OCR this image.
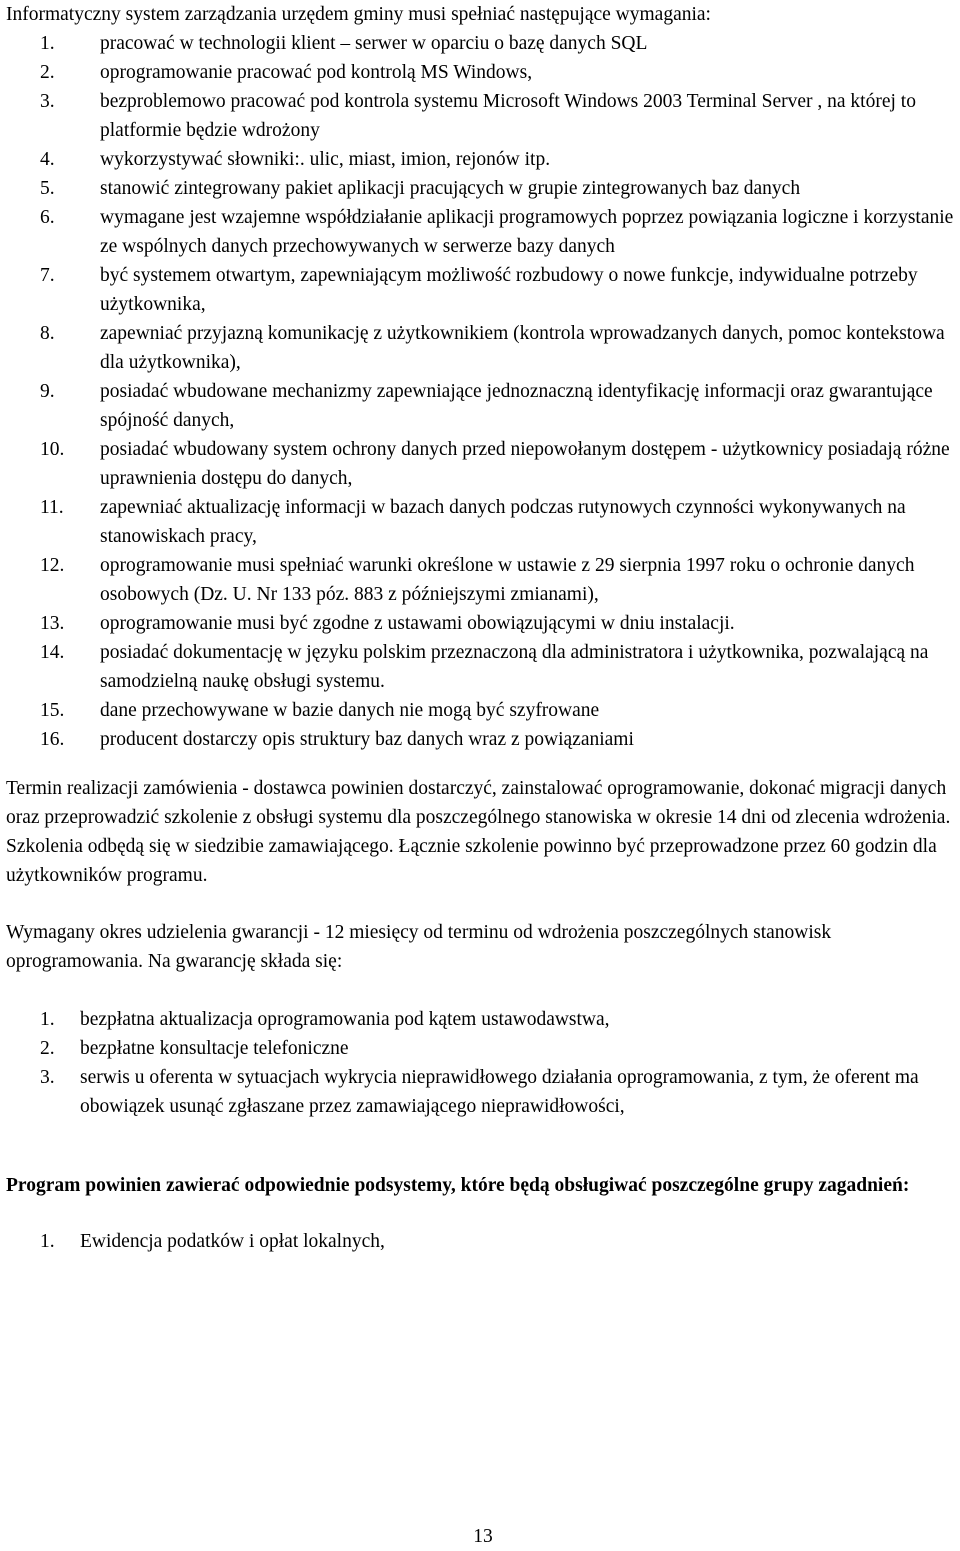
Informatyczny system zarządzania urzędem gminy musi spełniać następujące wymagania:

1. pracować w technologii klient – serwer w oparciu o bazę danych SQL
2. oprogramowanie pracować pod kontrolą MS Windows,
3. bezproblemowo pracować pod kontrola systemu Microsoft Windows 2003 Terminal Server , na której to platformie będzie wdrożony
4. wykorzystywać słowniki:. ulic, miast, imion, rejonów itp.
5. stanowić zintegrowany pakiet aplikacji pracujących w grupie zintegrowanych baz danych
6. wymagane jest wzajemne współdziałanie aplikacji programowych poprzez powiązania logiczne i korzystanie ze wspólnych danych przechowywanych w serwerze bazy danych
7. być systemem otwartym, zapewniającym możliwość rozbudowy o nowe funkcje, indywidualne potrzeby użytkownika,
8. zapewniać przyjazną komunikację z użytkownikiem (kontrola wprowadzanych danych, pomoc kontekstowa dla użytkownika),
9. posiadać wbudowane mechanizmy zapewniające jednoznaczną identyfikację informacji oraz gwarantujące spójność danych,
10. posiadać wbudowany system ochrony danych przed niepowołanym dostępem - użytkownicy posiadają różne uprawnienia dostępu do danych,
11. zapewniać aktualizację informacji w bazach danych podczas rutynowych czynności wykonywanych na stanowiskach pracy,
12. oprogramowanie musi spełniać warunki określone w ustawie z 29 sierpnia 1997 roku o ochronie danych osobowych (Dz. U. Nr 133 póz. 883 z późniejszymi zmianami),
13. oprogramowanie musi być zgodne z ustawami obowiązującymi w dniu instalacji.
14. posiadać dokumentację w języku polskim przeznaczoną dla administratora i użytkownika, pozwalającą na samodzielną naukę obsługi systemu.
15. dane przechowywane w bazie danych nie mogą być szyfrowane
16. producent dostarczy opis struktury baz danych wraz z powiązaniami

Termin realizacji zamówienia - dostawca powinien dostarczyć, zainstalować oprogramowanie, dokonać migracji danych oraz przeprowadzić szkolenie z obsługi systemu dla poszczególnego stanowiska w okresie 14 dni od zlecenia wdrożenia. Szkolenia odbędą się w siedzibie zamawiającego. Łącznie szkolenie powinno być przeprowadzone przez 60 godzin dla użytkowników programu.

Wymagany okres udzielenia gwarancji - 12 miesięcy od terminu od wdrożenia poszczególnych stanowisk oprogramowania. Na gwarancję składa się:

1. bezpłatna aktualizacja oprogramowania pod kątem ustawodawstwa,
2. bezpłatne konsultacje telefoniczne
3. serwis u oferenta w sytuacjach wykrycia nieprawidłowego działania oprogramowania, z tym, że oferent ma obowiązek usunąć zgłaszane przez zamawiającego nieprawidłowości,

Program powinien zawierać odpowiednie podsystemy, które będą obsługiwać poszczególne grupy zagadnień:

1. Ewidencja podatków i opłat lokalnych,
13
